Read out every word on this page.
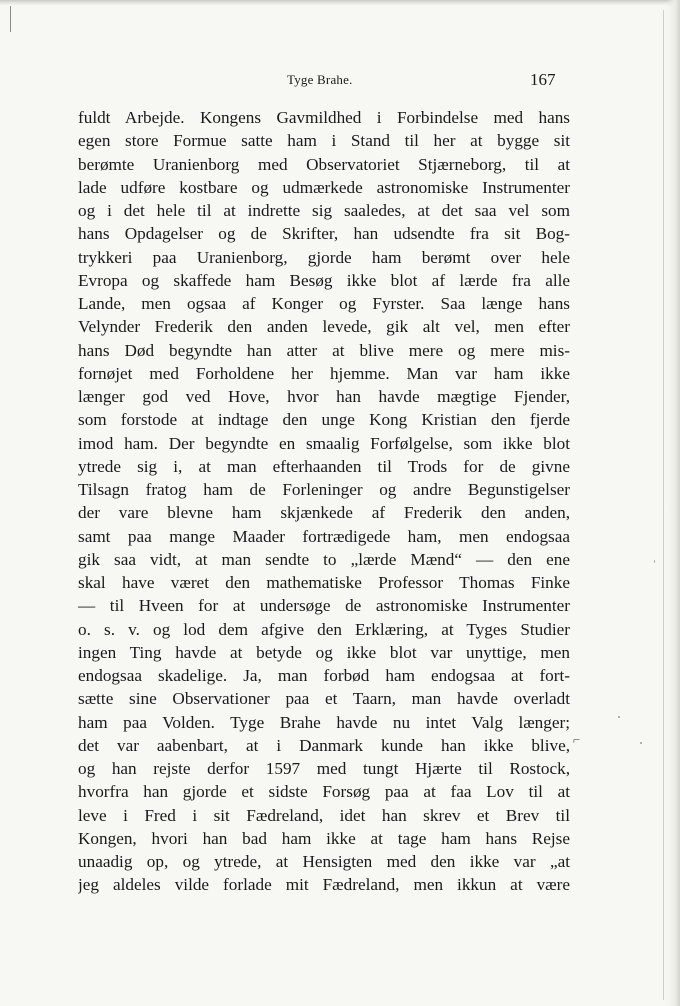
Tyge Brahe.	167
fuldt Arbejde. Kongens Gavmildhed i Forbindelse med hans
egen store Formue satte ham i Stand til her at bygge sit
berømte Uranienborg med Observatoriet Stjærneborg, til at
lade udføre kostbare og udmærkede astronomiske Instrumenter
og i det hele til at indrette sig saaledes, at det saa vel som
hans Opdagelser og de Skrifter, han udsendte fra sit Bog-
trykkeri paa Uranienborg, gjorde ham berømt over hele
Evropa og skaffede ham Besøg ikke blot af lærde fra alle
Lande, men ogsaa af Konger og Fyrster. Saa længe hans
Velynder Frederik den anden levede, gik alt vel, men efter
hans Død begyndte han atter at blive mere og mere mis-
fornøjet med Forholdene her hjemme. Man var ham ikke
længer god ved Hove, hvor han havde mægtige Fjender,
som forstode at indtage den unge Kong Kristian den fjerde
imod ham. Der begyndte en smaalig Forfølgelse, som ikke blot
ytrede sig i, at man efterhaanden til Trods for de givne
Tilsagn fratog ham de Forleninger og andre Begunstigelser
der vare blevne ham skjænkede af Frederik den anden,
samt paa mange Maader fortrædigede ham, men endogsaa
gik saa vidt, at man sendte to „lærde Mænd“ — den ene
skal have været den mathematiske Professor Thomas Finke
— til Hveen for at undersøge de astronomiske Instrumenter
o. s. v. og lod dem afgive den Erklæring, at Tyges Studier
ingen Ting havde at betyde og ikke blot var unyttige, men
endogsaa skadelige. Ja, man forbød ham endogsaa at fort-
sætte sine Observationer paa et Taarn, man havde overladt
ham paa Volden. Tyge Brahe havde nu intet Valg længer;
det var aabenbart, at i Danmark kunde han ikke blive,
og han rejste derfor 1597 med tungt Hjærte til Rostock,
hvorfra han gjorde et sidste Forsøg paa at faa Lov til at
leve i Fred i sit Fædreland, idet han skrev et Brev til
Kongen, hvori han bad ham ikke at tage ham hans Rejse
unaadig op, og ytrede, at Hensigten med den ikke var „at
jeg aldeles vilde forlade mit Fædreland, men ikkun at være
⌐
